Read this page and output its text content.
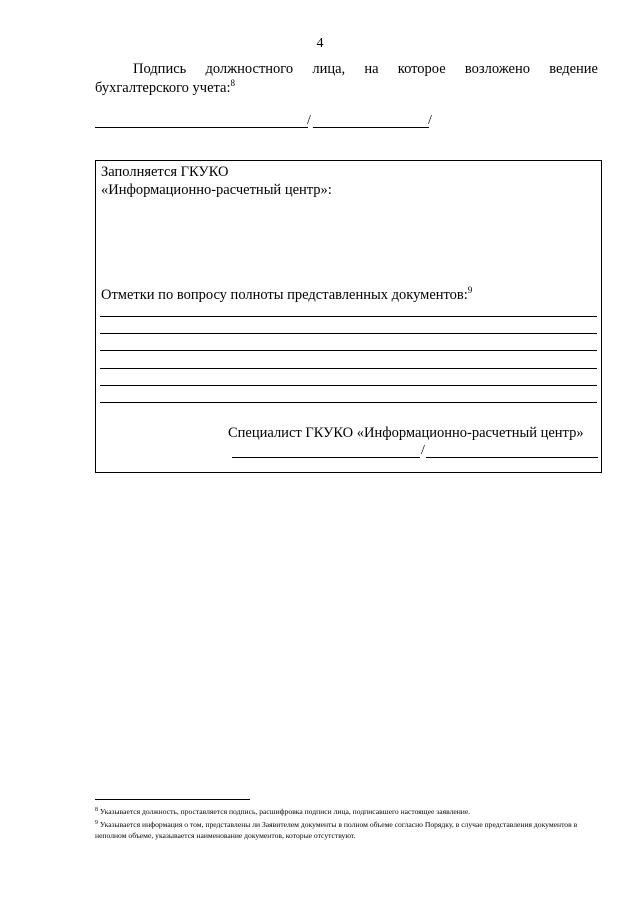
4
Подпись должностного лица, на которое возложено ведение
бухгалтерского учета:$^8$
/	/
Заполняется ГКУКО
«Информационно-расчетный центр»:
Отметки по вопросу полноты представленных документов:$^9$
Специалист ГКУКО «Информационно-расчетный центр»
/
$^8$ Указывается должность, проставляется подпись, расшифровка подписи лица, подписавшего настоящее заявление.
$^9$ Указывается информация о том, представлены ли Заявителем документы в полном объеме согласно Порядку, в случае представления документов в неполном объеме, указывается наименование документов, которые отсутствуют.
